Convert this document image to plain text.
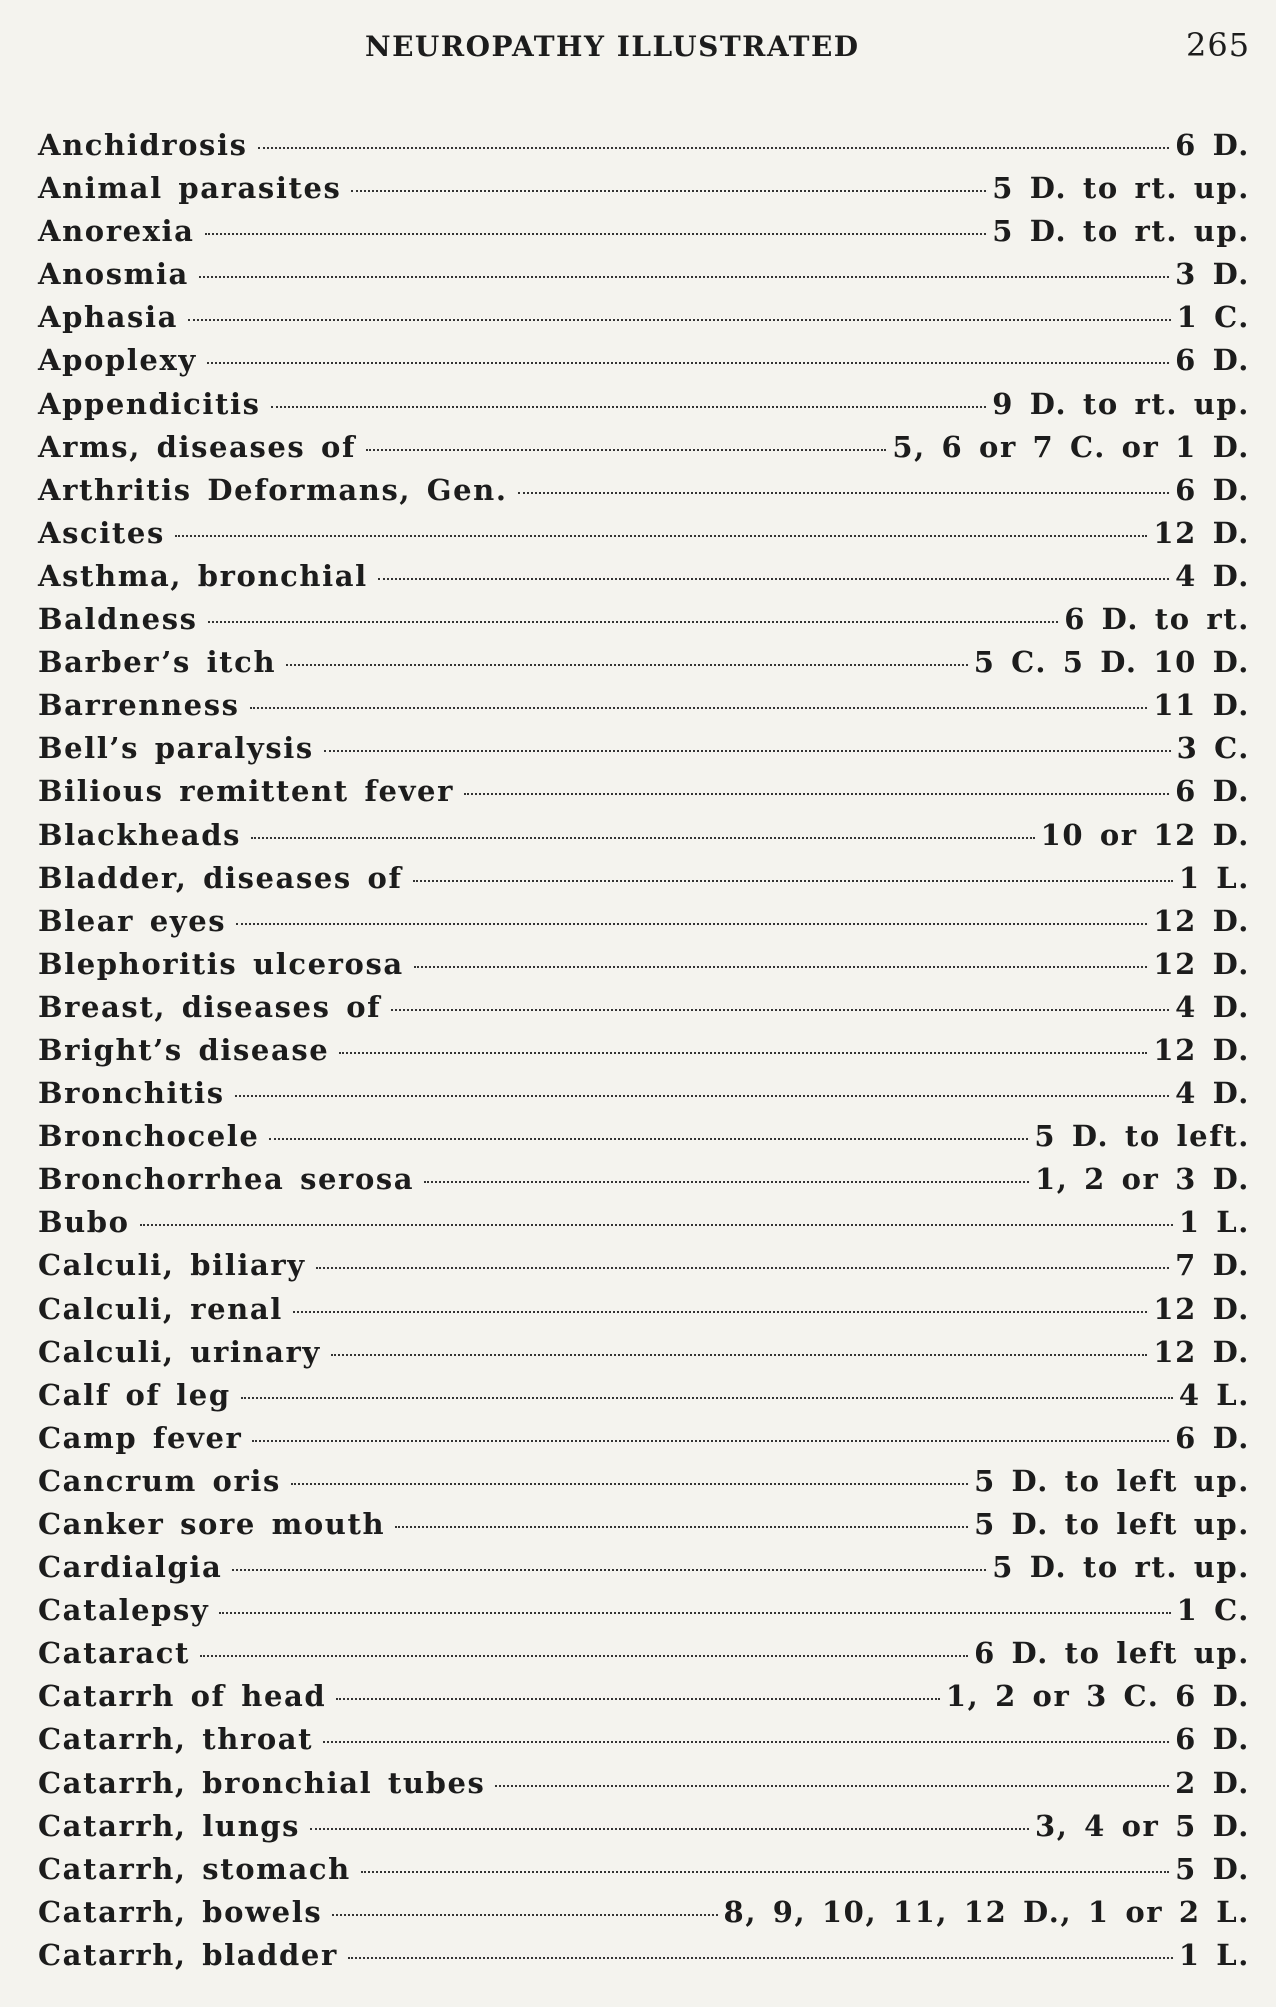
NEUROPATHY ILLUSTRATED	265
Anchidrosis	6 D.
Animal parasites	5 D. to rt. up.
Anorexia	5 D. to rt. up.
Anosmia	3 D.
Aphasia	1 C.
Apoplexy	6 D.
Appendicitis	9 D. to rt. up.
Arms, diseases of	5, 6 or 7 C. or 1 D.
Arthritis Deformans, Gen.	6 D.
Ascites	12 D.
Asthma, bronchial	4 D.
Baldness	6 D. to rt.
Barber’s itch	5 C. 5 D. 10 D.
Barrenness	11 D.
Bell’s paralysis	3 C.
Bilious remittent fever	6 D.
Blackheads	10 or 12 D.
Bladder, diseases of	1 L.
Blear eyes	12 D.
Blephoritis ulcerosa	12 D.
Breast, diseases of	4 D.
Bright’s disease	12 D.
Bronchitis	4 D.
Bronchocele	5 D. to left.
Bronchorrhea serosa	1, 2 or 3 D.
Bubo	1 L.
Calculi, biliary	7 D.
Calculi, renal	12 D.
Calculi, urinary	12 D.
Calf of leg	4 L.
Camp fever	6 D.
Cancrum oris	5 D. to left up.
Canker sore mouth	5 D. to left up.
Cardialgia	5 D. to rt. up.
Catalepsy	1 C.
Cataract	6 D. to left up.
Catarrh of head	1, 2 or 3 C. 6 D.
Catarrh, throat	6 D.
Catarrh, bronchial tubes	2 D.
Catarrh, lungs	3, 4 or 5 D.
Catarrh, stomach	5 D.
Catarrh, bowels	8, 9, 10, 11, 12 D., 1 or 2 L.
Catarrh, bladder	1 L.
